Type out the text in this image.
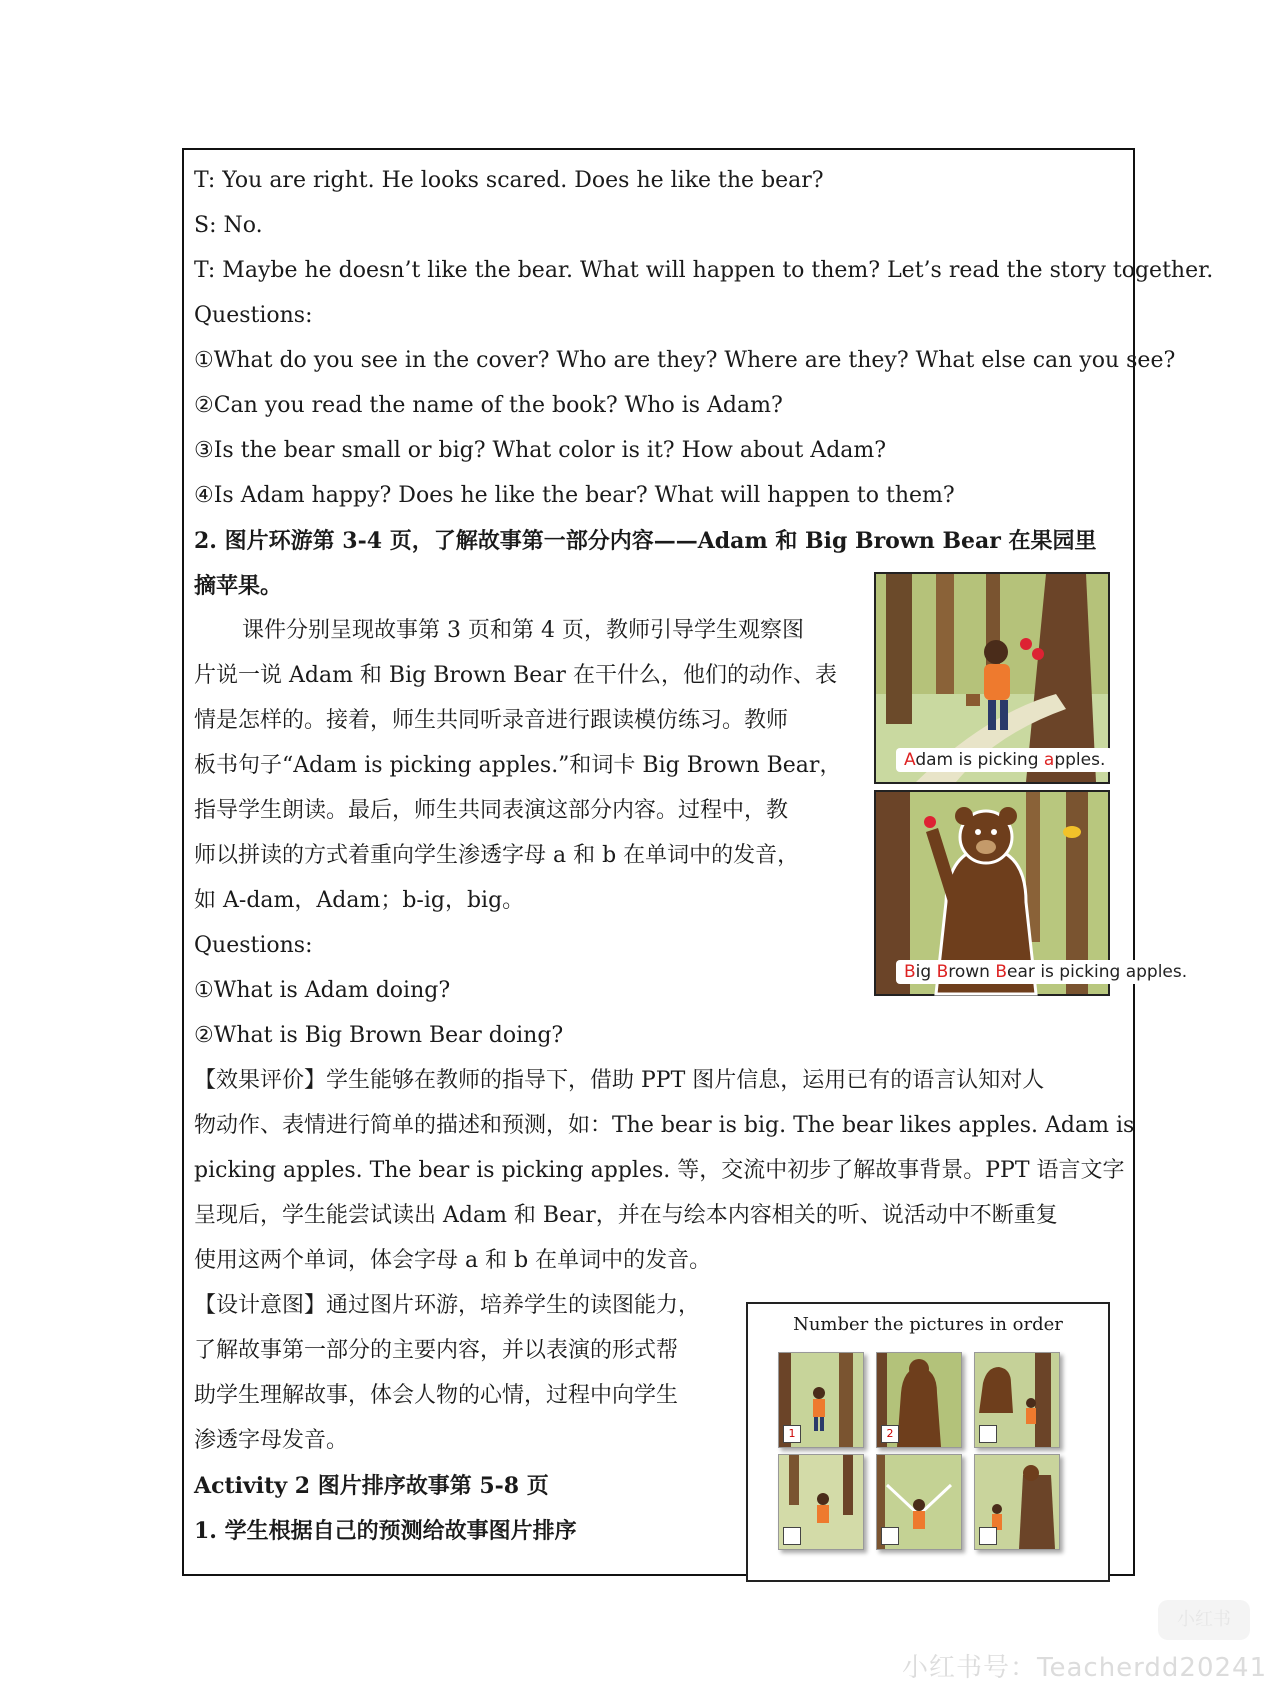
T: You are right. He looks scared. Does he like the bear?
S: No.
T: Maybe he doesn’t like the bear. What will happen to them? Let’s read the story together.
Questions:
①What do you see in the cover? Who are they? Where are they? What else can you see?
②Can you read the name of the book? Who is Adam?
③Is the bear small or big? What color is it? How about Adam?
④Is Adam happy? Does he like the bear? What will happen to them?
2. 图片环游第 3-4 页，了解故事第一部分内容——Adam 和 Big Brown Bear 在果园里
摘苹果。
课件分别呈现故事第 3 页和第 4 页，教师引导学生观察图
片说一说 Adam 和 Big Brown Bear 在干什么，他们的动作、表
情是怎样的。接着，师生共同听录音进行跟读模仿练习。教师
板书句子“Adam is picking apples.”和词卡 Big Brown Bear，
指导学生朗读。最后，师生共同表演这部分内容。过程中，教
师以拼读的方式着重向学生渗透字母 a 和 b 在单词中的发音，
如 A-dam，Adam；b-ig，big。
Questions:
①What is Adam doing?
②What is Big Brown Bear doing?
【效果评价】学生能够在教师的指导下，借助 PPT 图片信息，运用已有的语言认知对人
物动作、表情进行简单的描述和预测，如：The bear is big. The bear likes apples. Adam is
picking apples. The bear is picking apples. 等，交流中初步了解故事背景。PPT 语言文字
呈现后，学生能尝试读出 Adam 和 Bear，并在与绘本内容相关的听、说活动中不断重复
使用这两个单词，体会字母 a 和 b 在单词中的发音。
【设计意图】通过图片环游，培养学生的读图能力，
了解故事第一部分的主要内容，并以表演的形式帮
助学生理解故事，体会人物的心情，过程中向学生
渗透字母发音。
Activity 2 图片排序故事第 5-8 页
1. 学生根据自己的预测给故事图片排序
Adam is picking apples.
Big Brown Bear is picking apples.
Number the pictures in order
1	2
小红书
小红书号：Teacherdd20241
